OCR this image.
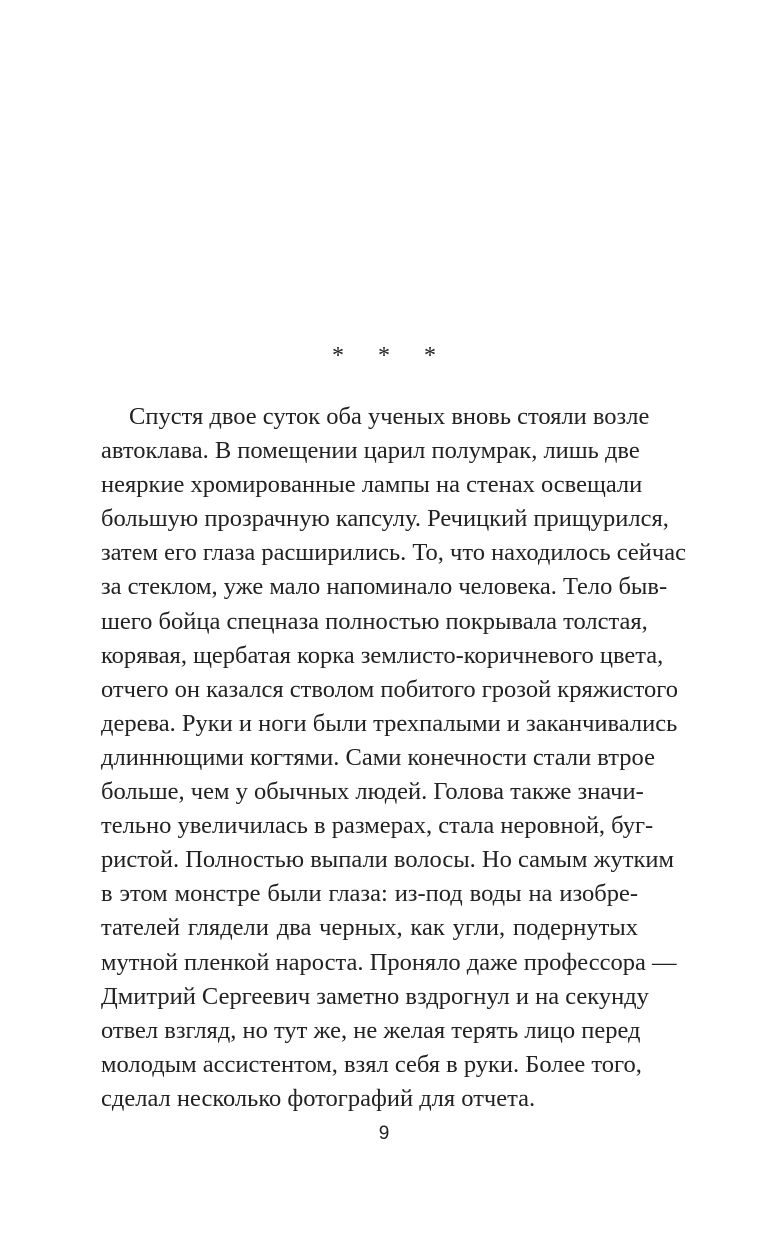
* * *
Спустя двое суток оба ученых вновь стояли возле
автоклава. В помещении царил полумрак, лишь две
неяркие хромированные лампы на стенах освещали
большую прозрачную капсулу. Речицкий прищурился,
затем его глаза расширились. То, что находилось сейчас
за стеклом, уже мало напоминало человека. Тело быв-
шего бойца спецназа полностью покрывала толстая,
корявая, щербатая корка землисто-коричневого цвета,
отчего он казался стволом побитого грозой кряжистого
дерева. Руки и ноги были трехпалыми и заканчивались
длиннющими когтями. Сами конечности стали втрое
больше, чем у обычных людей. Голова также значи-
тельно увеличилась в размерах, стала неровной, буг-
ристой. Полностью выпали волосы. Но самым жутким
в этом монстре были глаза: из-под воды на изобре-
тателей глядели два черных, как угли, подернутых
мутной пленкой нароста. Проняло даже профессора —
Дмитрий Сергеевич заметно вздрогнул и на секунду
отвел взгляд, но тут же, не желая терять лицо перед
молодым ассистентом, взял себя в руки. Более того,
сделал несколько фотографий для отчета.
9
